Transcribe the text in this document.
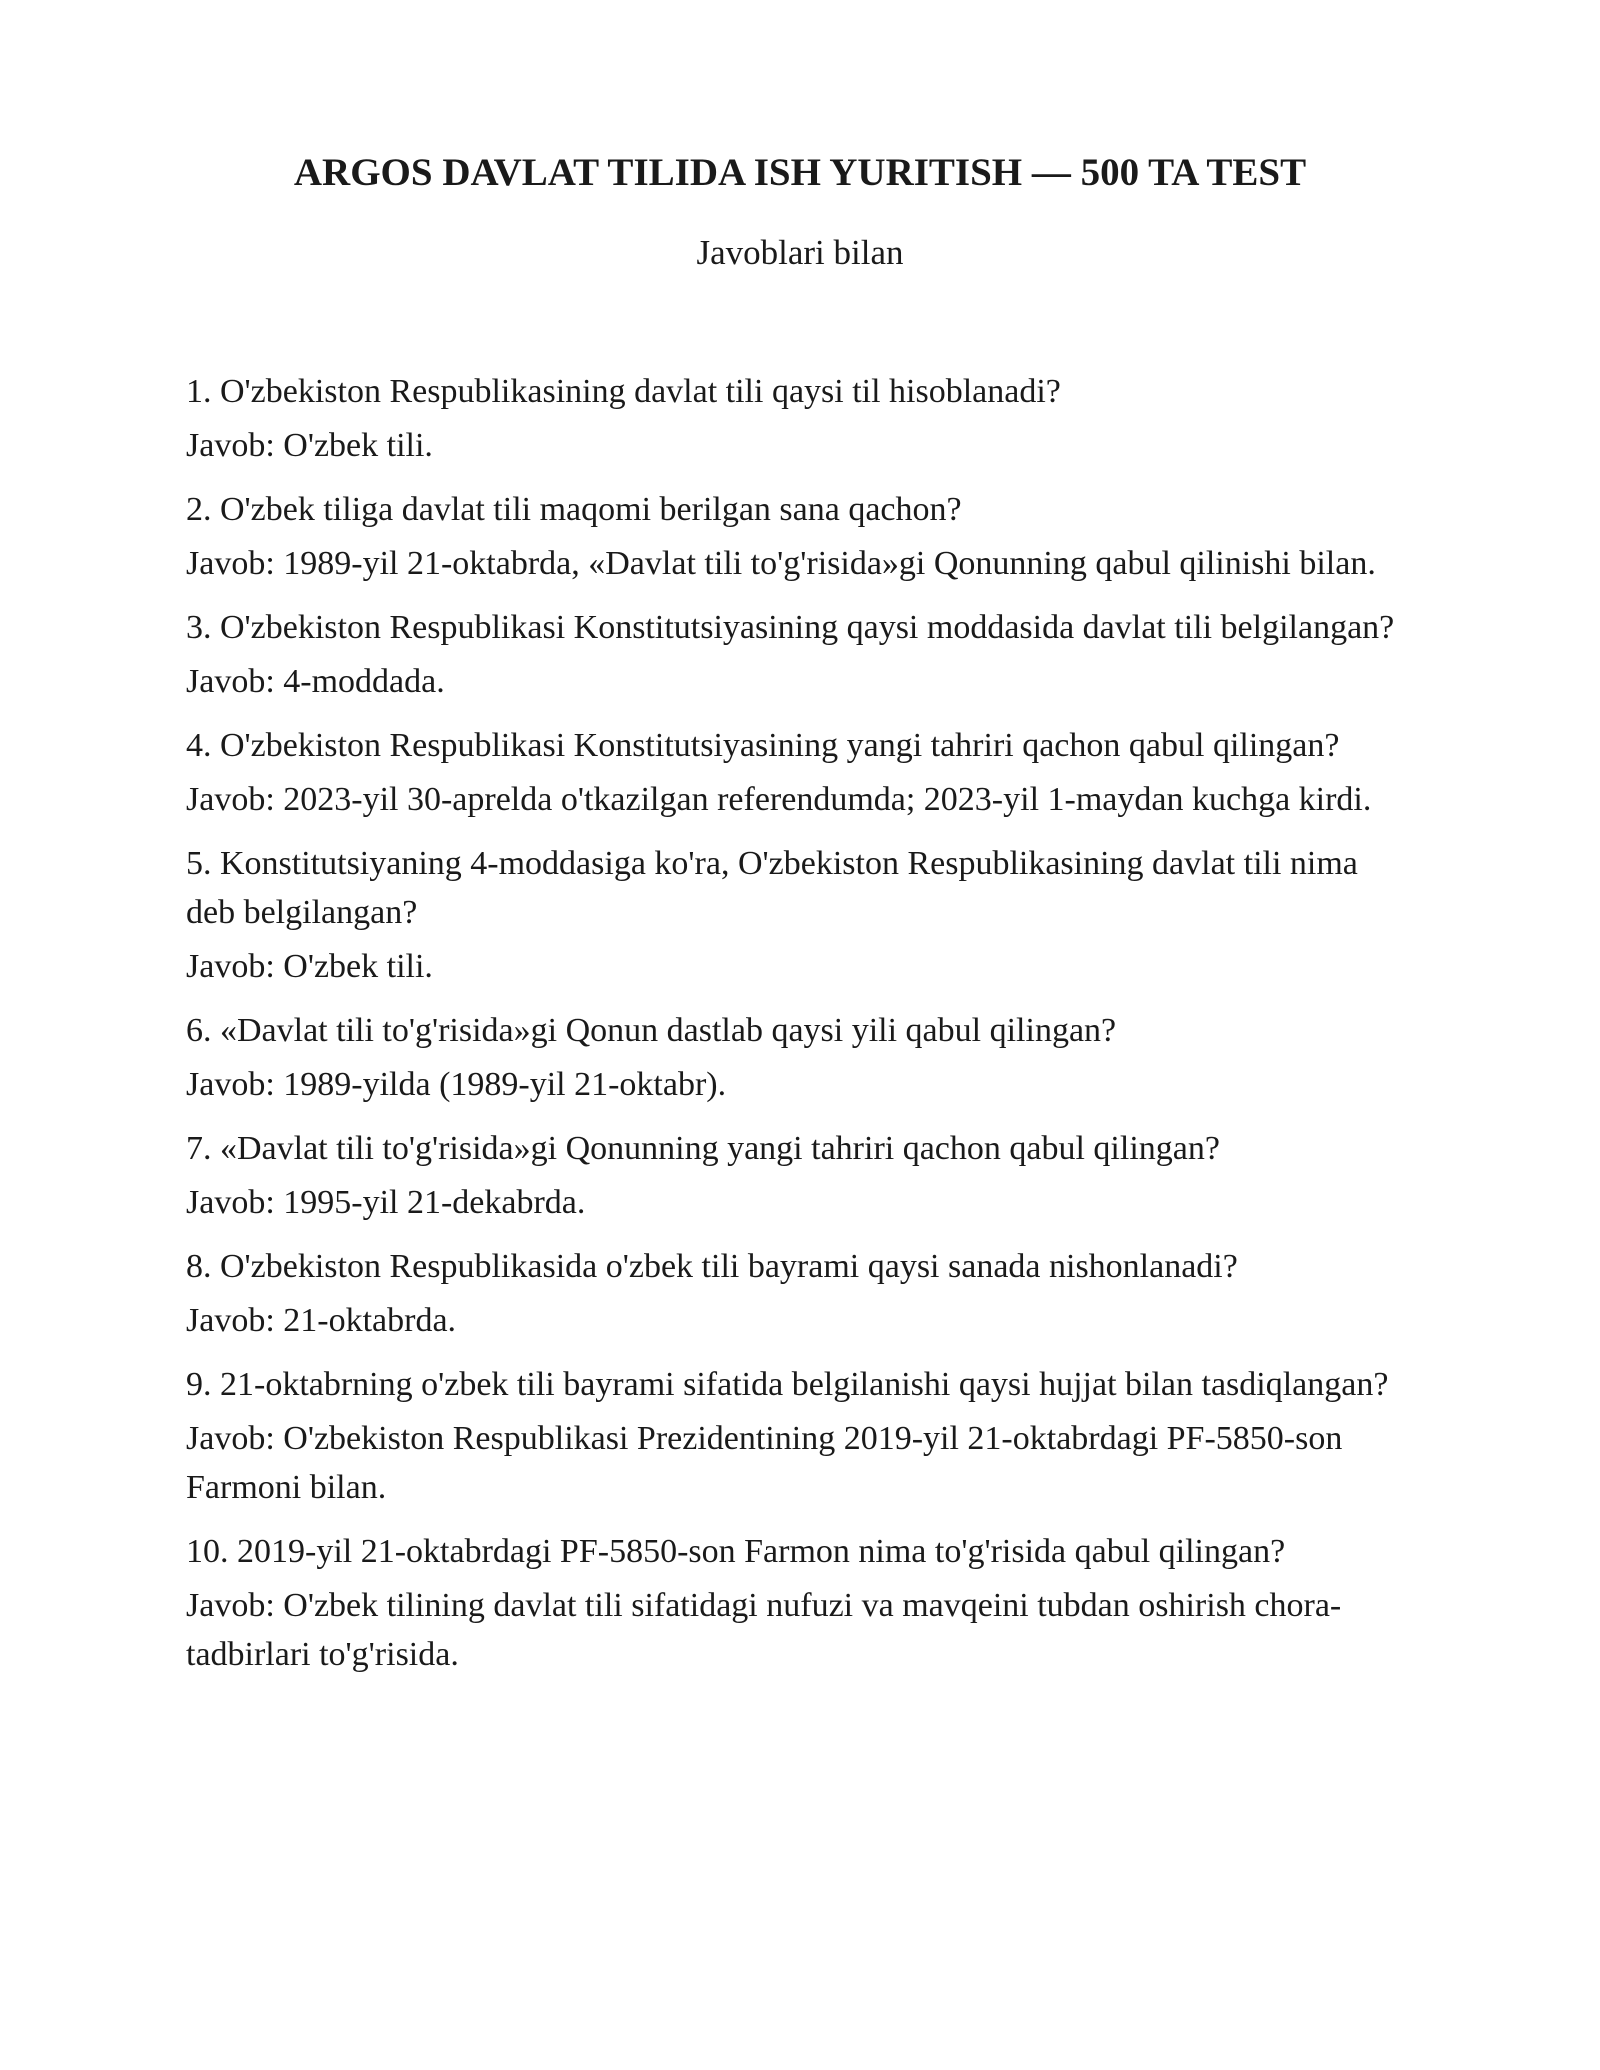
ARGOS DAVLAT TILIDA ISH YURITISH — 500 TA TEST
Javoblari bilan

1. O'zbekiston Respublikasining davlat tili qaysi til hisoblanadi?

Javob: O'zbek tili.

2. O'zbek tiliga davlat tili maqomi berilgan sana qachon?

Javob: 1989-yil 21-oktabrda, «Davlat tili to'g'risida»gi Qonunning qabul qilinishi bilan.

3. O'zbekiston Respublikasi Konstitutsiyasining qaysi moddasida davlat tili belgilangan?

Javob: 4-moddada.

4. O'zbekiston Respublikasi Konstitutsiyasining yangi tahriri qachon qabul qilingan?

Javob: 2023-yil 30-aprelda o'tkazilgan referendumda; 2023-yil 1-maydan kuchga kirdi.

5. Konstitutsiyaning 4-moddasiga ko'ra, O'zbekiston Respublikasining davlat tili nima deb belgilangan?

Javob: O'zbek tili.

6. «Davlat tili to'g'risida»gi Qonun dastlab qaysi yili qabul qilingan?

Javob: 1989-yilda (1989-yil 21-oktabr).

7. «Davlat tili to'g'risida»gi Qonunning yangi tahriri qachon qabul qilingan?

Javob: 1995-yil 21-dekabrda.

8. O'zbekiston Respublikasida o'zbek tili bayrami qaysi sanada nishonlanadi?

Javob: 21-oktabrda.

9. 21-oktabrning o'zbek tili bayrami sifatida belgilanishi qaysi hujjat bilan tasdiqlangan?

Javob: O'zbekiston Respublikasi Prezidentining 2019-yil 21-oktabrdagi PF-5850-son Farmoni bilan.

10. 2019-yil 21-oktabrdagi PF-5850-son Farmon nima to'g'risida qabul qilingan?

Javob: O'zbek tilining davlat tili sifatidagi nufuzi va mavqeini tubdan oshirish chora-tadbirlari to'g'risida.
